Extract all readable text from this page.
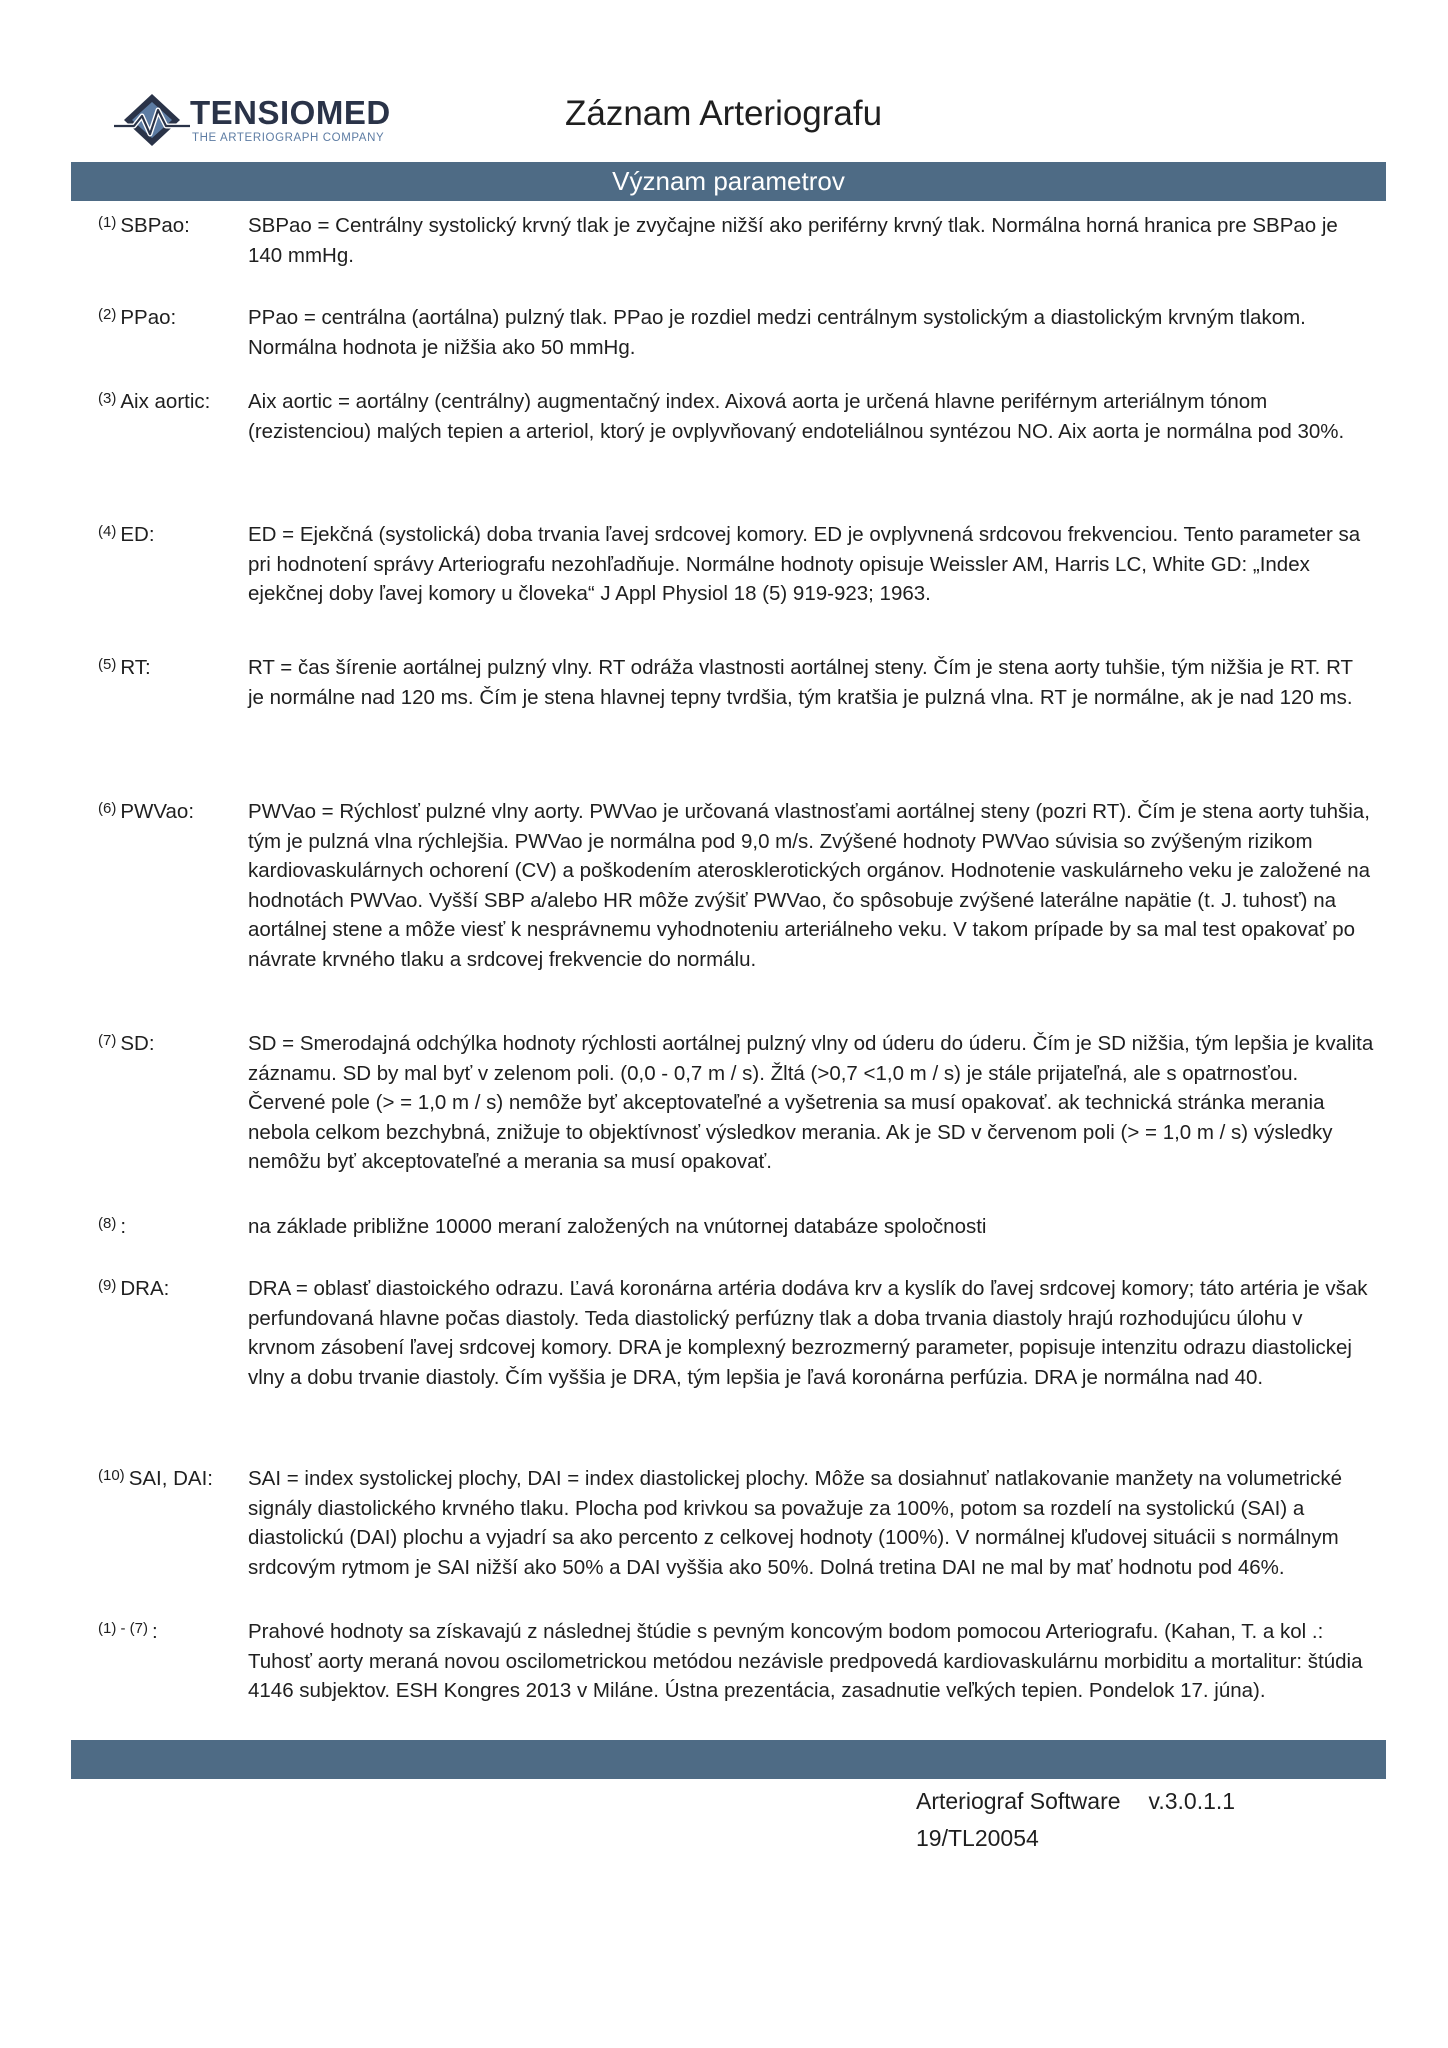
TENSIOMED
THE ARTERIOGRAPH COMPANY
Záznam Arteriografu
Význam parametrov
$^{(1)}$ SBPao:	SBPao = Centrálny systolický krvný tlak je zvyčajne nižší ako periférny krvný tlak. Normálna horná hranica pre SBPao je 140 mmHg.
$^{(2)}$ PPao:	PPao = centrálna (aortálna) pulzný tlak. PPao je rozdiel medzi centrálnym systolickým a diastolickým krvným tlakom. Normálna hodnota je nižšia ako 50 mmHg.
$^{(3)}$ Aix aortic:	Aix aortic = aortálny (centrálny) augmentačný index. Aixová aorta je určená hlavne periférnym arteriálnym tónom (rezistenciou) malých tepien a arteriol, ktorý je ovplyvňovaný endoteliálnou syntézou NO. Aix aorta je normálna pod 30%.
$^{(4)}$ ED:	ED = Ejekčná (systolická) doba trvania ľavej srdcovej komory. ED je ovplyvnená srdcovou frekvenciou. Tento parameter sa pri hodnotení správy Arteriografu nezohľadňuje. Normálne hodnoty opisuje Weissler AM, Harris LC, White GD: „Index ejekčnej doby ľavej komory u človeka“ J Appl Physiol 18 (5) 919-923; 1963.
$^{(5)}$ RT:	RT = čas šírenie aortálnej pulzný vlny. RT odráža vlastnosti aortálnej steny. Čím je stena aorty tuhšie, tým nižšia je RT. RT je normálne nad 120 ms. Čím je stena hlavnej tepny tvrdšia, tým kratšia je pulzná vlna. RT je normálne, ak je nad 120 ms.
$^{(6)}$ PWVao:	PWVao = Rýchlosť pulzné vlny aorty. PWVao je určovaná vlastnosťami aortálnej steny (pozri RT). Čím je stena aorty tuhšia, tým je pulzná vlna rýchlejšia. PWVao je normálna pod 9,0 m/s. Zvýšené hodnoty PWVao súvisia so zvýšeným rizikom kardiovaskulárnych ochorení (CV) a poškodením aterosklerotických orgánov. Hodnotenie vaskulárneho veku je založené na hodnotách PWVao. Vyšší SBP a/alebo HR môže zvýšiť PWVao, čo spôsobuje zvýšené laterálne napätie (t. J. tuhosť) na aortálnej stene a môže viesť k nesprávnemu vyhodnoteniu arteriálneho veku. V takom prípade by sa mal test opakovať po návrate krvného tlaku a srdcovej frekvencie do normálu.
$^{(7)}$ SD:	SD = Smerodajná odchýlka hodnoty rýchlosti aortálnej pulzný vlny od úderu do úderu. Čím je SD nižšia, tým lepšia je kvalita záznamu. SD by mal byť v zelenom poli. (0,0 - 0,7 m / s). Žltá (>0,7 <1,0 m / s) je stále prijateľná, ale s opatrnosťou. Červené pole (> = 1,0 m / s) nemôže byť akceptovateľné a vyšetrenia sa musí opakovať. ak technická stránka merania nebola celkom bezchybná, znižuje to objektívnosť výsledkov merania. Ak je SD v červenom poli (> = 1,0 m / s) výsledky nemôžu byť akceptovateľné a merania sa musí opakovať.
$^{(8)}$ :	na základe približne 10000 meraní založených na vnútornej databáze spoločnosti
$^{(9)}$ DRA:	DRA = oblasť diastoického odrazu. Ľavá koronárna artéria dodáva krv a kyslík do ľavej srdcovej komory; táto artéria je však perfundovaná hlavne počas diastoly. Teda diastolický perfúzny tlak a doba trvania diastoly hrajú rozhodujúcu úlohu v krvnom zásobení ľavej srdcovej komory. DRA je komplexný bezrozmerný parameter, popisuje intenzitu odrazu diastolickej vlny a dobu trvanie diastoly. Čím vyššia je DRA, tým lepšia je ľavá koronárna perfúzia. DRA je normálna nad 40.
$^{(10)}$ SAI, DAI:	SAI = index systolickej plochy, DAI = index diastolickej plochy. Môže sa dosiahnuť natlakovanie manžety na volumetrické signály diastolického krvného tlaku. Plocha pod krivkou sa považuje za 100%, potom sa rozdelí na systolickú (SAI) a diastolickú (DAI) plochu a vyjadrí sa ako percento z celkovej hodnoty (100%). V normálnej kľudovej situácii s normálnym srdcovým rytmom je SAI nižší ako 50% a DAI vyššia ako 50%. Dolná tretina DAI ne mal by mať hodnotu pod 46%.
$^{(1) - (7)}$ :	Prahové hodnoty sa získavajú z následnej štúdie s pevným koncovým bodom pomocou Arteriografu. (Kahan, T. a kol .: Tuhosť aorty meraná novou oscilometrickou metódou nezávisle predpovedá kardiovaskulárnu morbiditu a mortalitur: štúdia 4146 subjektov. ESH Kongres 2013 v Miláne. Ústna prezentácia, zasadnutie veľkých tepien. Pondelok 17. júna).
Arteriograf Software v.3.0.1.1
19/TL20054
